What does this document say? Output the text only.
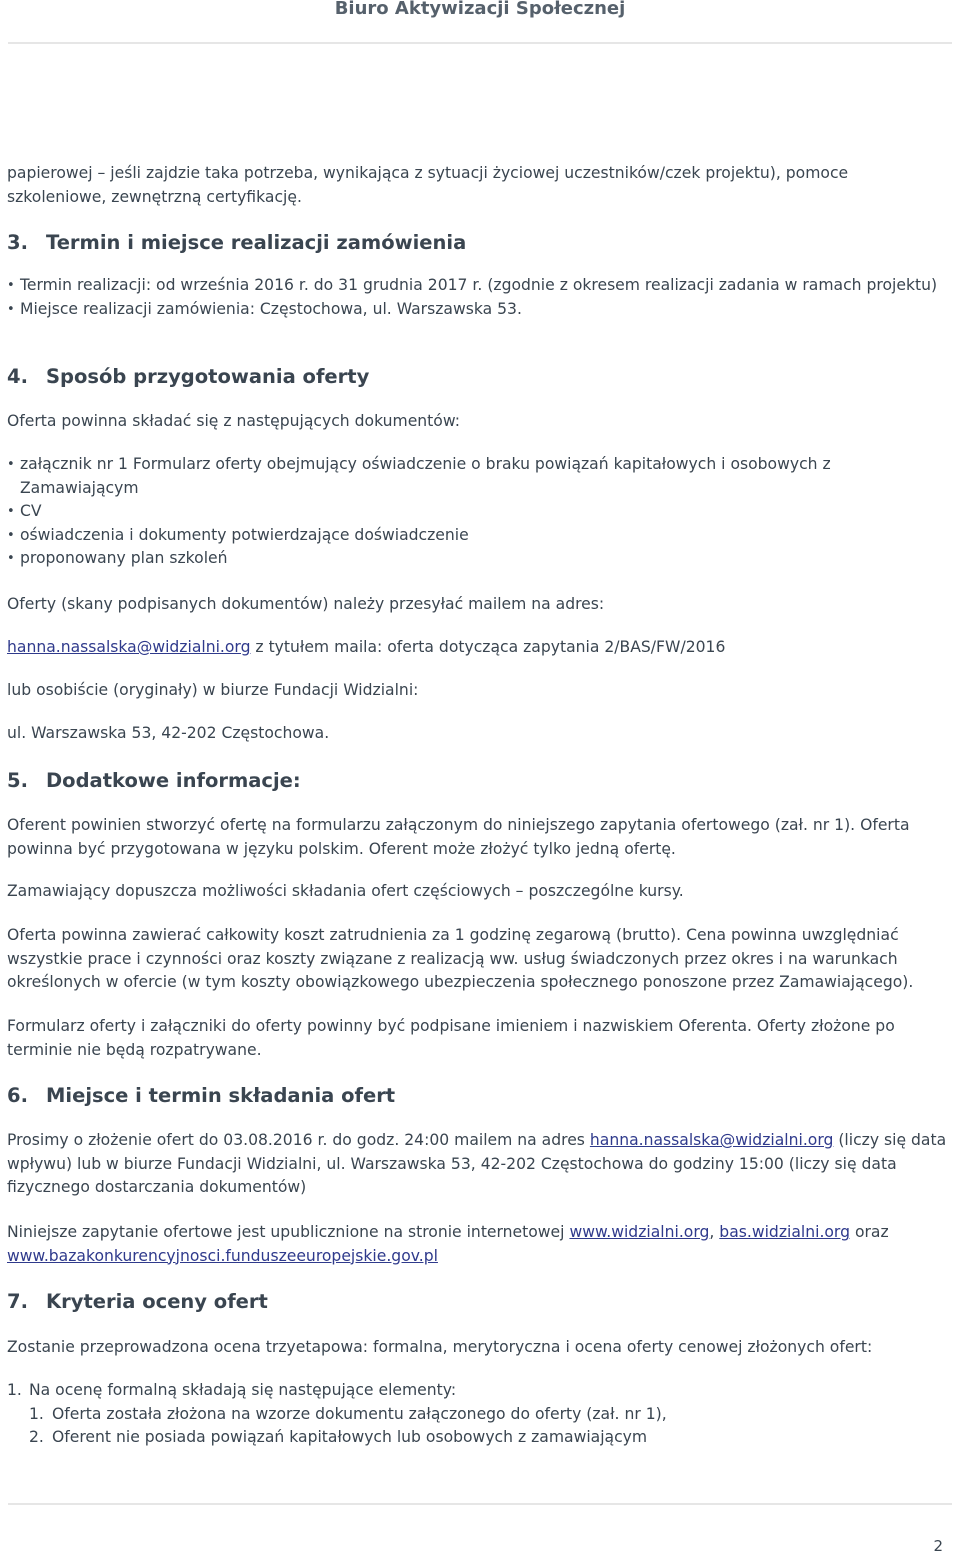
Biuro Aktywizacji Społecznej

papierowej – jeśli zajdzie taka potrzeba, wynikająca z sytuacji życiowej uczestników/czek projektu), pomoce szkoleniowe, zewnętrzną certyfikację.

3. Termin i miejsce realizacji zamówienia
• Termin realizacji: od września 2016 r. do 31 grudnia 2017 r. (zgodnie z okresem realizacji zadania w ramach projektu)
• Miejsce realizacji zamówienia: Częstochowa, ul. Warszawska 53.
4. Sposób przygotowania oferty

Oferta powinna składać się z następujących dokumentów:

• załącznik nr 1 Formularz oferty obejmujący oświadczenie o braku powiązań kapitałowych i osobowych z Zamawiającym
• CV
• oświadczenia i dokumenty potwierdzające doświadczenie
• proponowany plan szkoleń

Oferty (skany podpisanych dokumentów) należy przesyłać mailem na adres:

hanna.nassalska@widzialni.org z tytułem maila: oferta dotycząca zapytania 2/BAS/FW/2016

lub osobiście (oryginały) w biurze Fundacji Widzialni:

ul. Warszawska 53, 42-202 Częstochowa.

5. Dodatkowe informacje:

Oferent powinien stworzyć ofertę na formularzu załączonym do niniejszego zapytania ofertowego (zał. nr 1). Oferta powinna być przygotowana w języku polskim. Oferent może złożyć tylko jedną ofertę.

Zamawiający dopuszcza możliwości składania ofert częściowych – poszczególne kursy.

Oferta powinna zawierać całkowity koszt zatrudnienia za 1 godzinę zegarową (brutto). Cena powinna uwzględniać wszystkie prace i czynności oraz koszty związane z realizacją ww. usług świadczonych przez okres i na warunkach określonych w ofercie (w tym koszty obowiązkowego ubezpieczenia społecznego ponoszone przez Zamawiającego).

Formularz oferty i załączniki do oferty powinny być podpisane imieniem i nazwiskiem Oferenta. Oferty złożone po terminie nie będą rozpatrywane.

6. Miejsce i termin składania ofert

Prosimy o złożenie ofert do 03.08.2016 r. do godz. 24:00 mailem na adres hanna.nassalska@widzialni.org (liczy się data wpływu) lub w biurze Fundacji Widzialni, ul. Warszawska 53, 42-202 Częstochowa do godziny 15:00 (liczy się data fizycznego dostarczania dokumentów)

Niniejsze zapytanie ofertowe jest upublicznione na stronie internetowej www.widzialni.org, bas.widzialni.org oraz www.bazakonkurencyjnosci.funduszeeuropejskie.gov.pl

7. Kryteria oceny ofert

Zostanie przeprowadzona ocena trzyetapowa: formalna, merytoryczna i ocena oferty cenowej złożonych ofert:

1. Na ocenę formalną składają się następujące elementy:
1. Oferta została złożona na wzorze dokumentu załączonego do oferty (zał. nr 1),
2. Oferent nie posiada powiązań kapitałowych lub osobowych z zamawiającym
2
